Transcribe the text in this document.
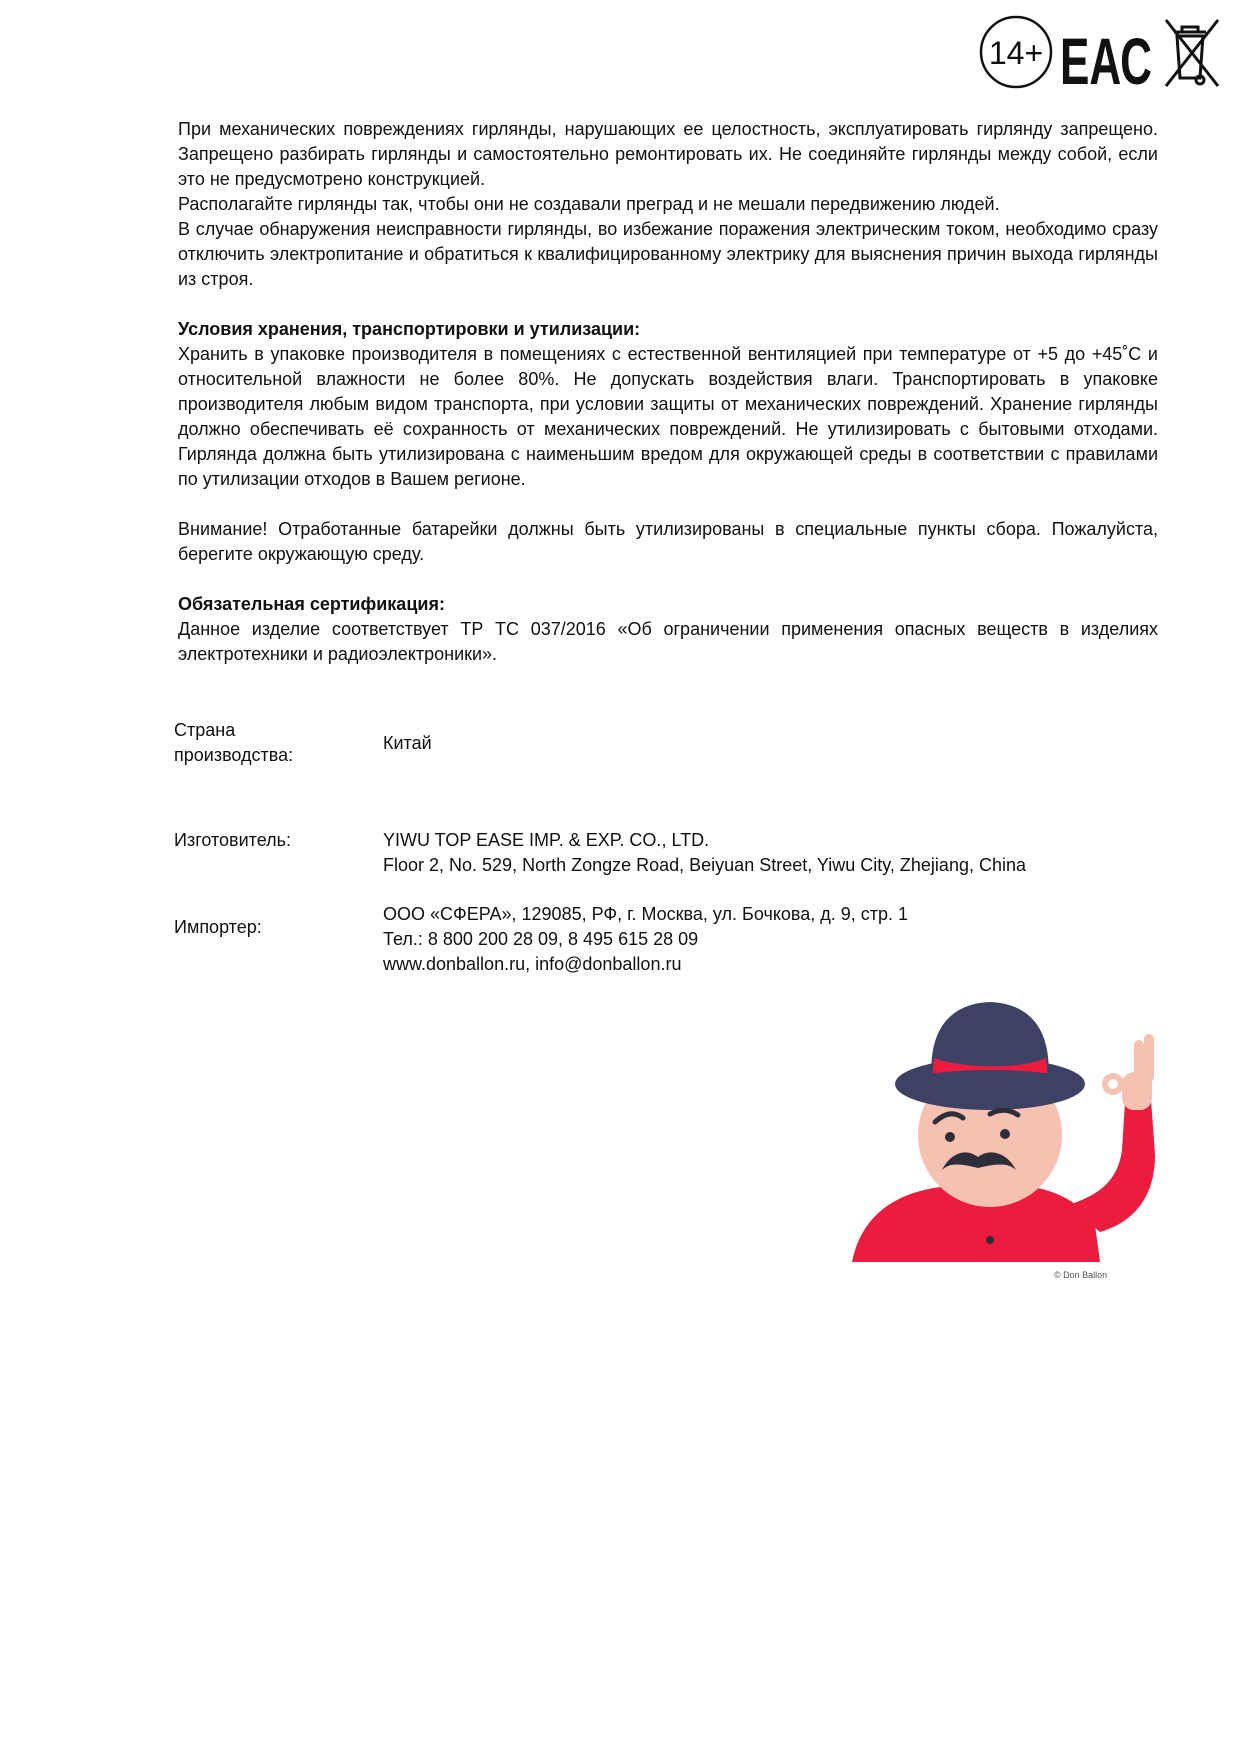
14+ ЕАС

При механических повреждениях гирлянды, нарушающих ее целостность, эксплуатировать гирлянду запрещено. Запрещено разбирать гирлянды и самостоятельно ремонтировать их. Не соединяйте гирлянды между собой, если это не предусмотрено конструкцией.

Располагайте гирлянды так, чтобы они не создавали преград и не мешали передвижению людей.

В случае обнаружения неисправности гирлянды, во избежание поражения электрическим током, необходимо сразу отключить электропитание и обратиться к квалифицированному электрику для выяснения причин выхода гирлянды из строя.

Условия хранения, транспортировки и утилизации:

Хранить в упаковке производителя в помещениях с естественной вентиляцией при температуре от +5 до +45˚С и относительной влажности не более 80%. Не допускать воздействия влаги. Транспортировать в упаковке производителя любым видом транспорта, при условии защиты от механических повреждений. Хранение гирлянды должно обеспечивать её сохранность от механических повреждений. Не утилизировать с бытовыми отходами. Гирлянда должна быть утилизирована с наименьшим вредом для окружающей среды в соответствии с правилами по утилизации отходов в Вашем регионе.

Внимание! Отработанные батарейки должны быть утилизированы в специальные пункты сбора. Пожалуйста, берегите окружающую среду.

Обязательная сертификация:

Данное изделие соответствует ТР ТС 037/2016 «Об ограничении применения опасных веществ в изделиях электротехники и радиоэлектроники».

Страна
производства:
Китай
Изготовитель:	YIWU TOP EASE IMP. & EXP. CO., LTD.
Floor 2, No. 529, North Zongze Road, Beiyuan Street, Yiwu City, Zhejiang, China
Импортер:
ООО «СФЕРА», 129085, РФ, г. Москва, ул. Бочкова, д. 9, стр. 1
Тел.: 8 800 200 28 09, 8 495 615 28 09
www.donballon.ru, info@donballon.ru
© Don Ballon
